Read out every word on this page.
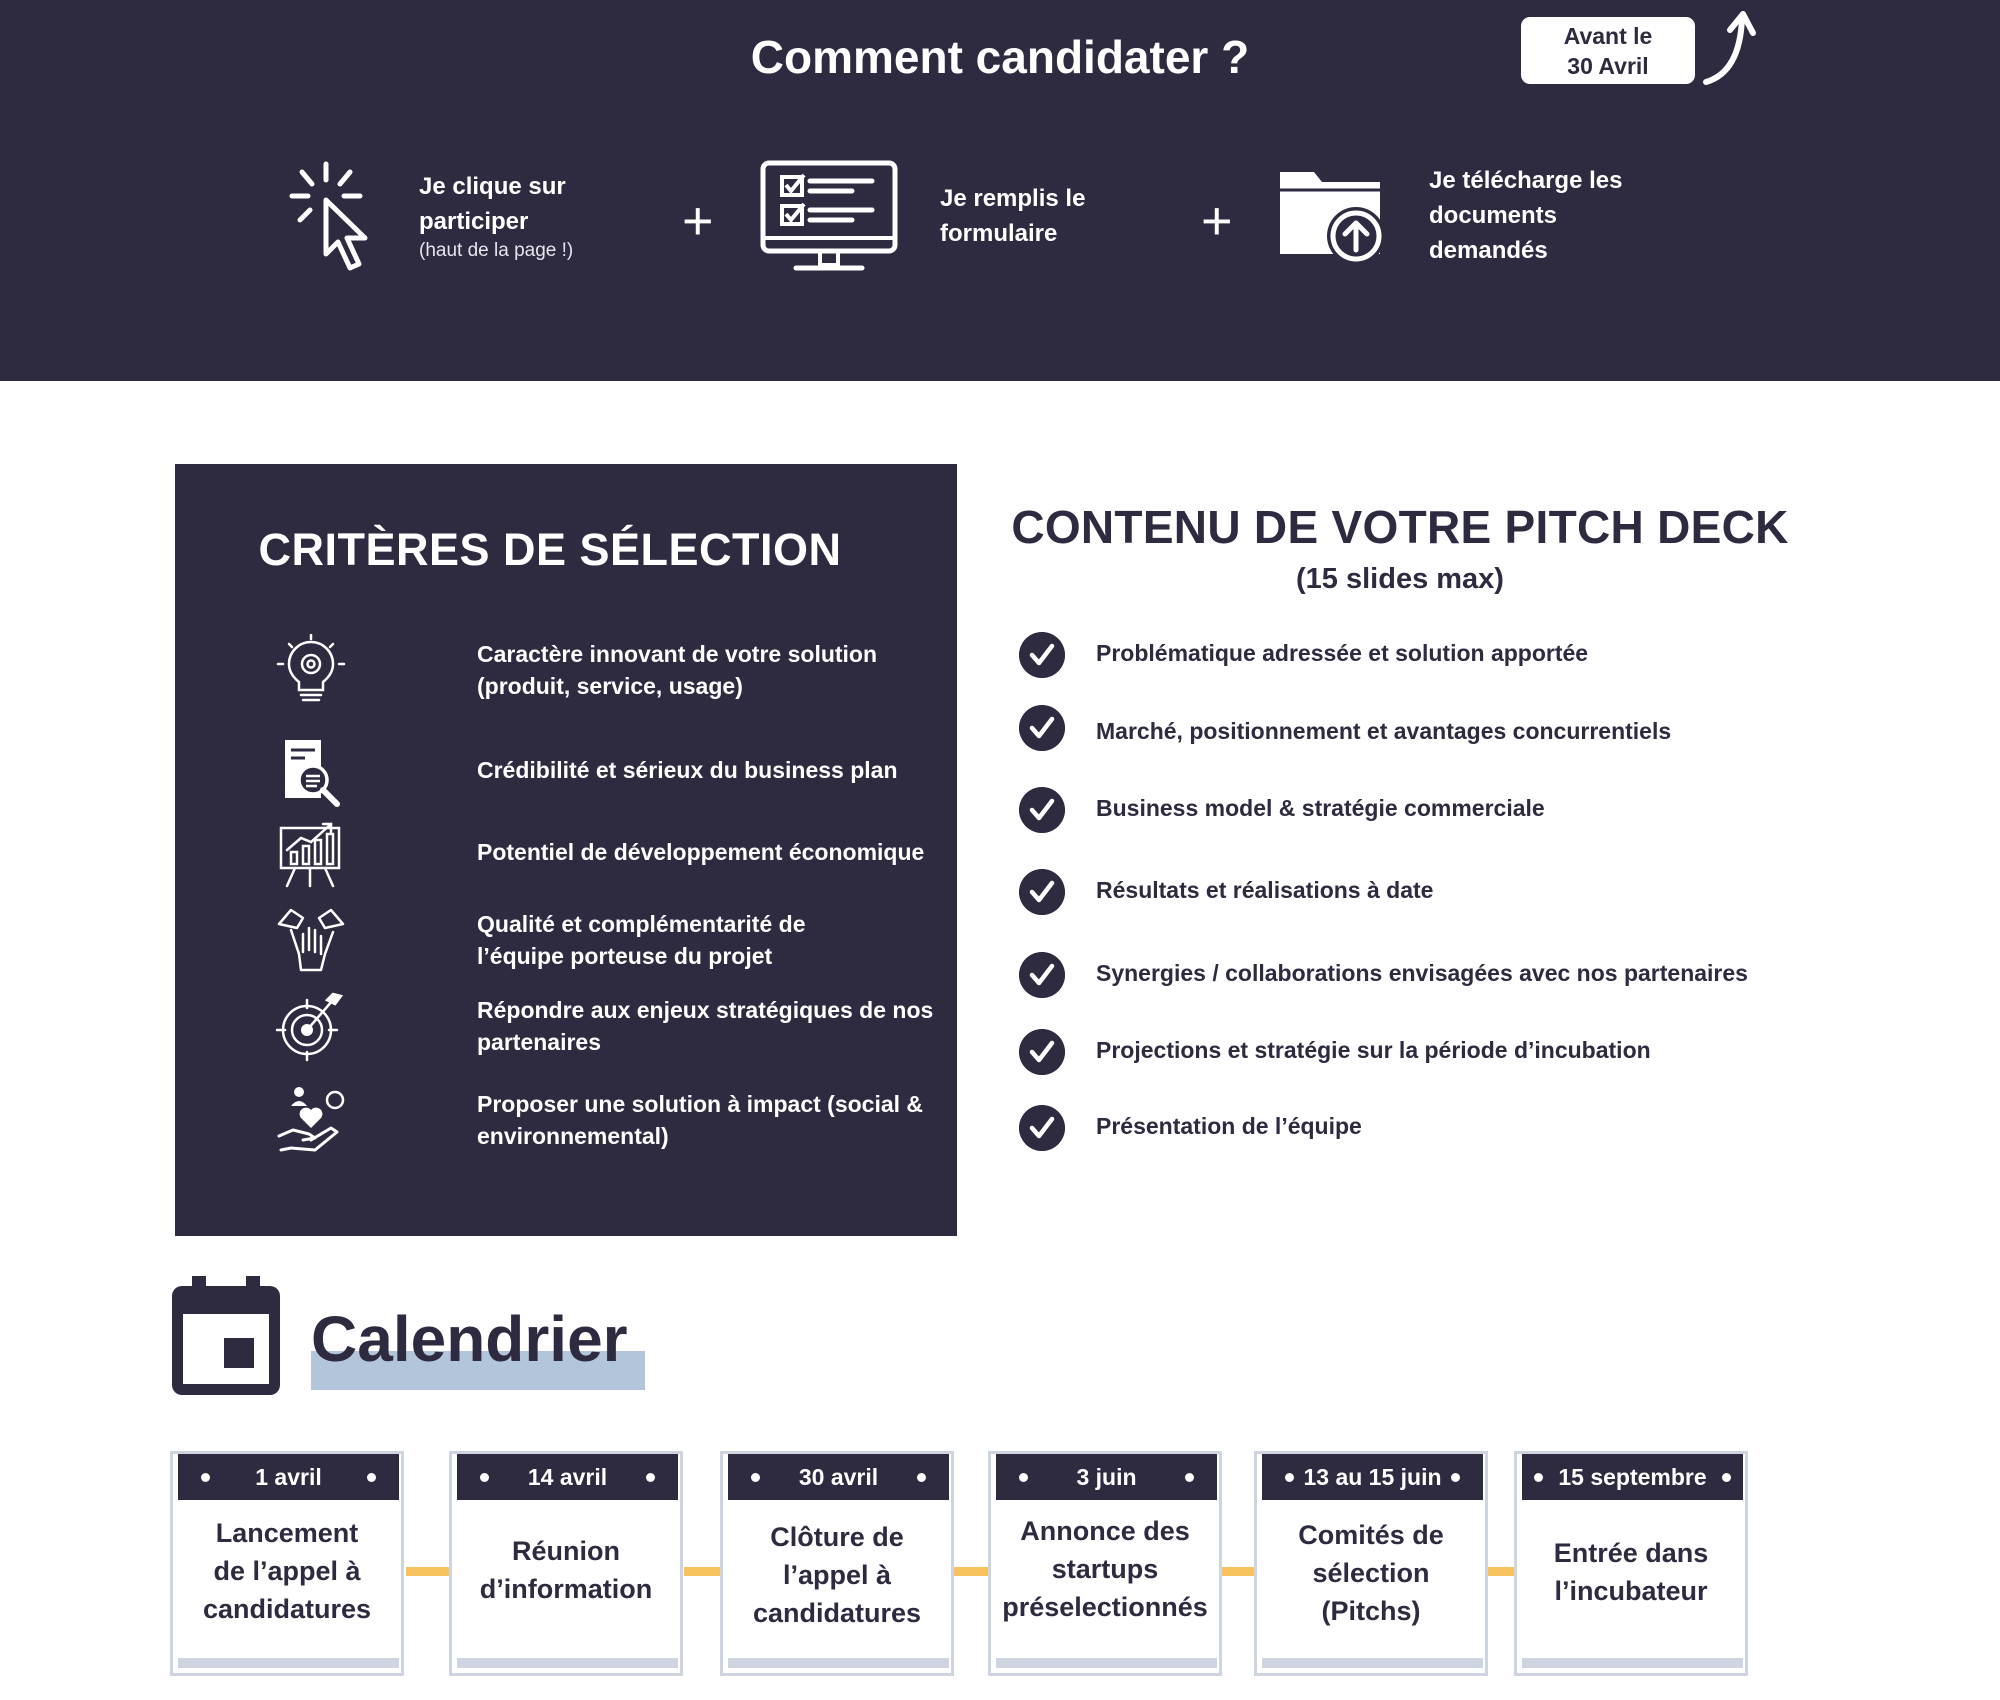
Comment candidater ?	Avant le
30 Avril
Je clique sur
participer
(haut de la page !) +	Je remplis le
formulaire	+
Je télécharge les
documents
demandés
CRITÈRES DE SÉLECTION
Caractère innovant de votre solution
(produit, service, usage)
Crédibilité et sérieux du business plan
Potentiel de développement économique
Qualité et complémentarité de
l’équipe porteuse du projet
Répondre aux enjeux stratégiques de nos
partenaires
Proposer une solution à impact (social &
environnemental)
CONTENU DE VOTRE PITCH DECK
(15 slides max)
Problématique adressée et solution apportée
Marché, positionnement et avantages concurrentiels
Business model & stratégie commerciale
Résultats et réalisations à date
Synergies / collaborations envisagées avec nos partenaires
Projections et stratégie sur la période d’incubation
Présentation de l’équipe
Calendrier
1 avril
Lancement
de l’appel à
candidatures
14 avril
Réunion
d’information
30 avril
Clôture de
l’appel à
candidatures
3 juin
Annonce des
startups
préselectionnés
13 au 15 juin
Comités de
sélection
(Pitchs)
15 septembre
Entrée dans
l’incubateur
